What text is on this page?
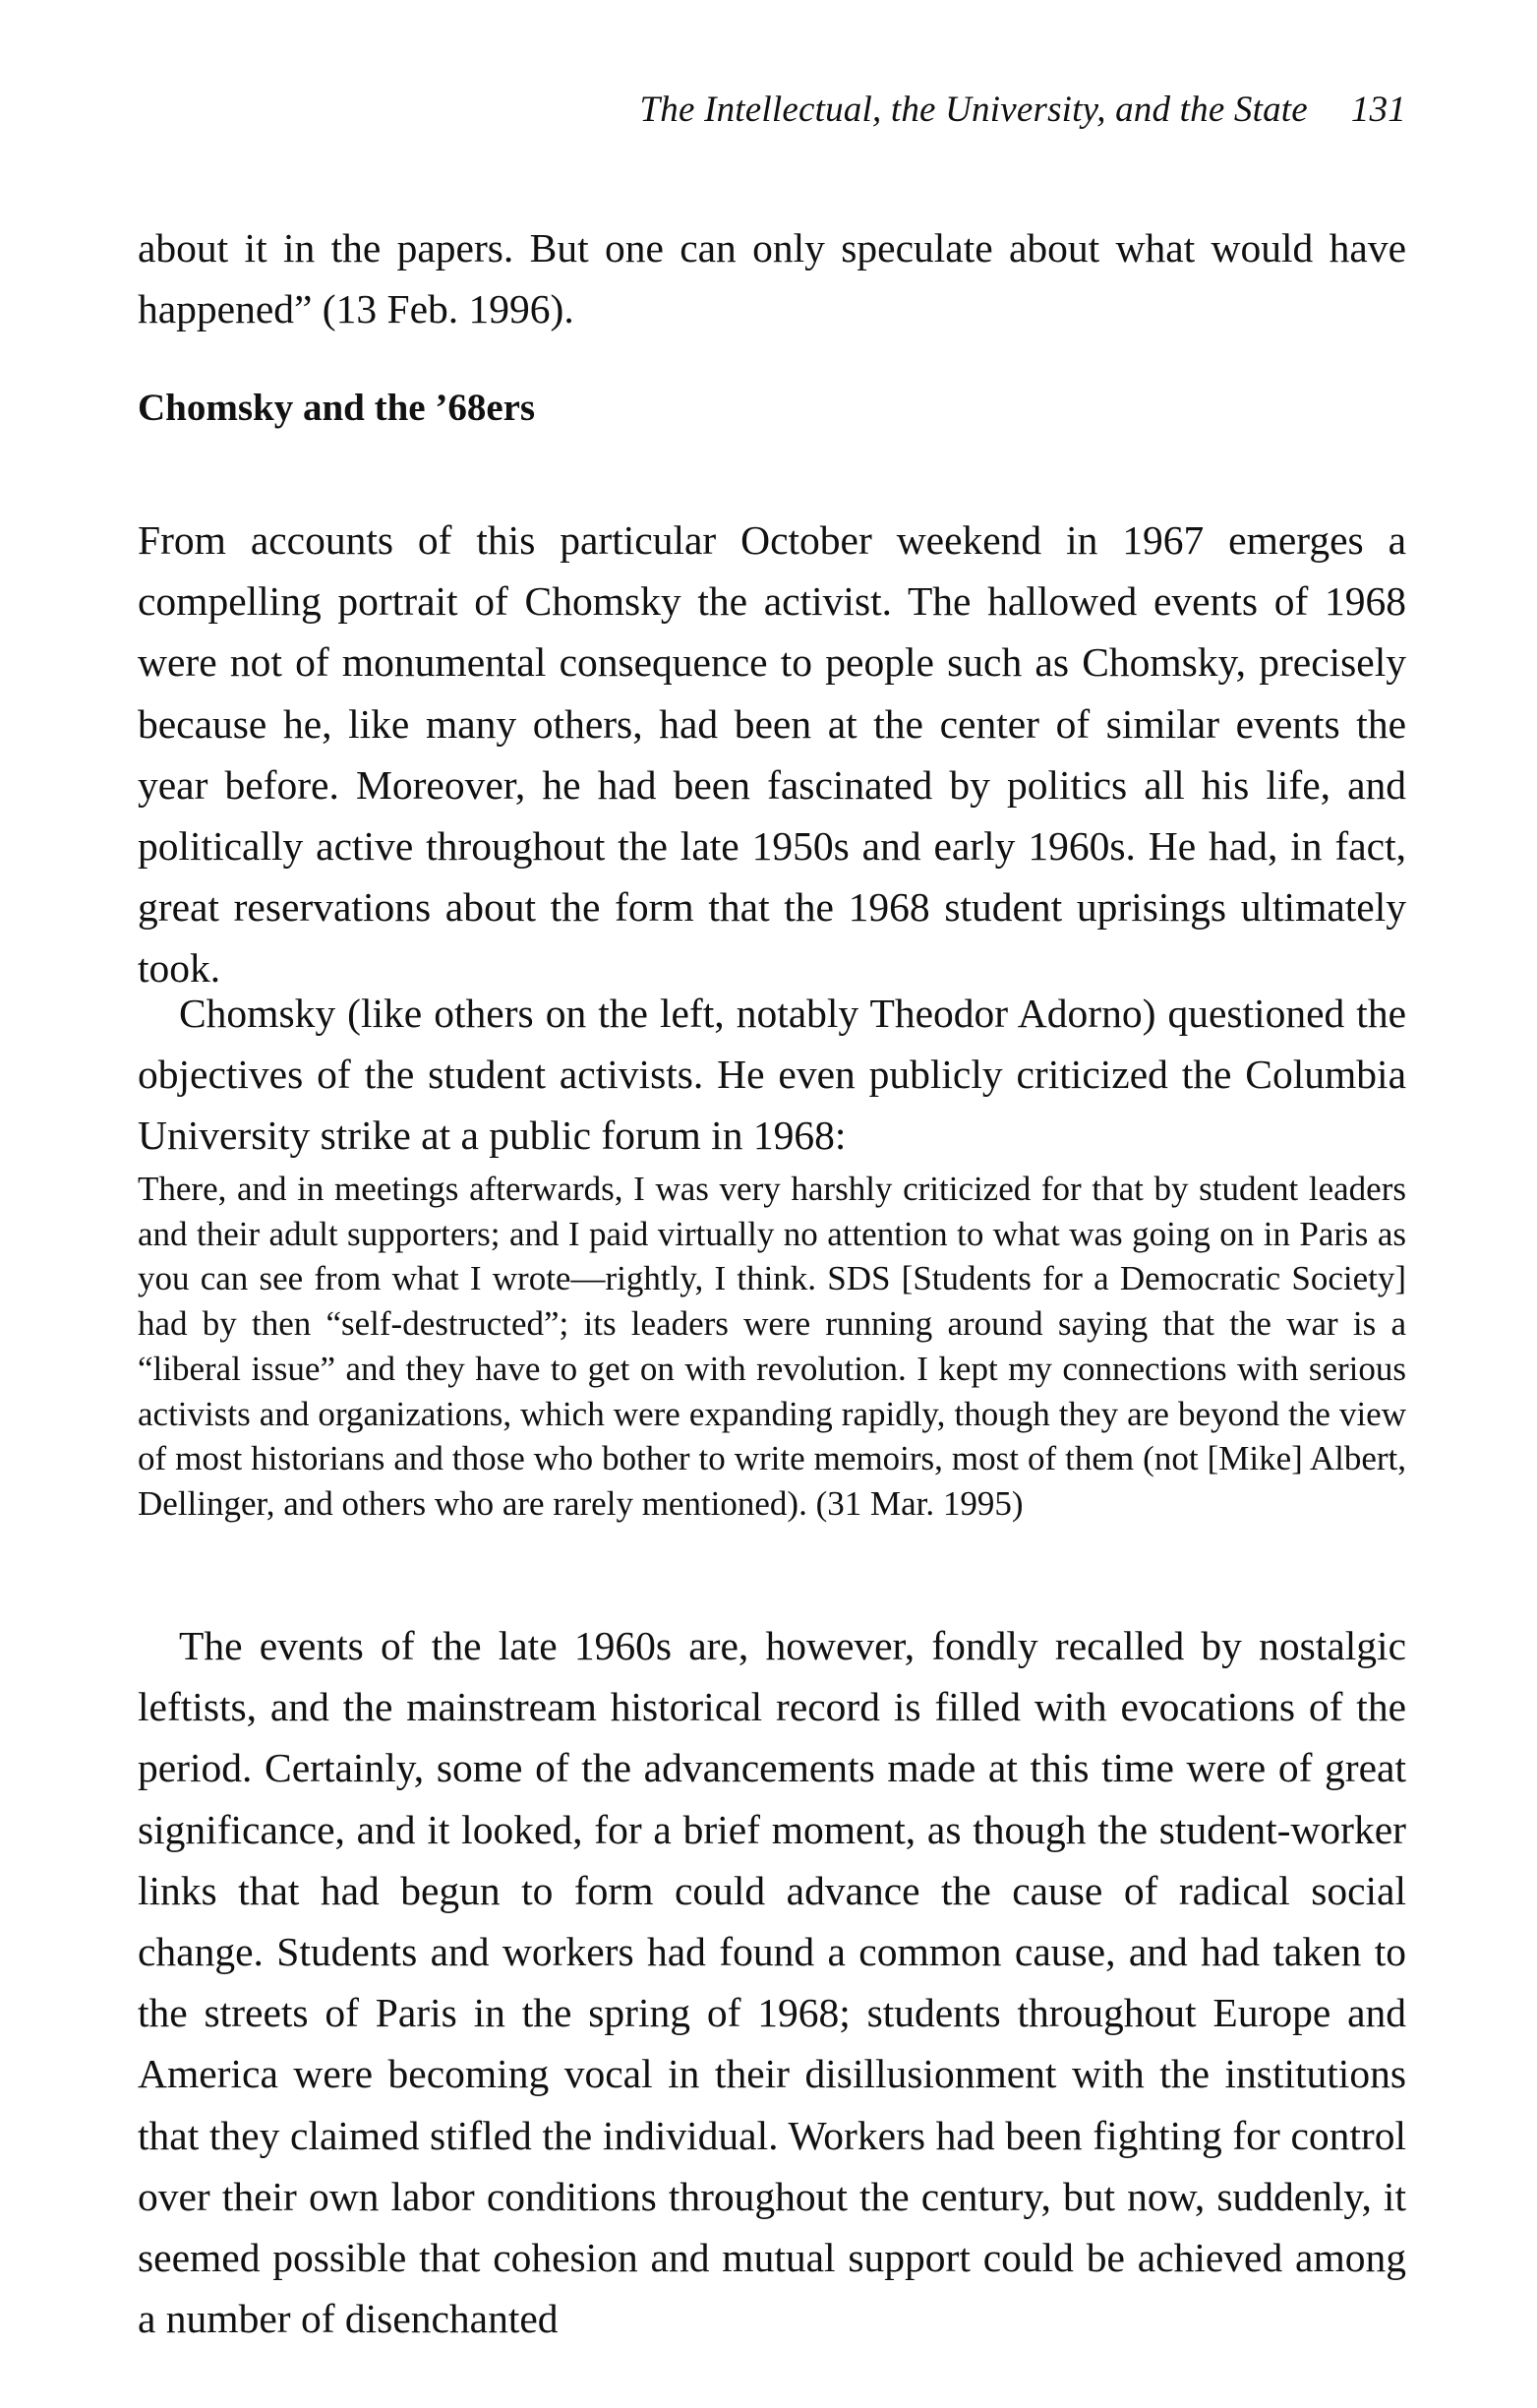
The Intellectual, the University, and the State 131

about it in the papers. But one can only speculate about what would have happened” (13 Feb. 1996).

Chomsky and the ’68ers

From accounts of this particular October weekend in 1967 emerges a compelling portrait of Chomsky the activist. The hallowed events of 1968 were not of monumental consequence to people such as Chomsky, precisely because he, like many others, had been at the center of similar events the year before. Moreover, he had been fascinated by politics all his life, and politically active throughout the late 1950s and early 1960s. He had, in fact, great reservations about the form that the 1968 student uprisings ultimately took.

Chomsky (like others on the left, notably Theodor Adorno) questioned the objectives of the student activists. He even publicly criticized the Columbia University strike at a public forum in 1968:

There, and in meetings afterwards, I was very harshly criticized for that by student leaders and their adult supporters; and I paid virtually no attention to what was going on in Paris as you can see from what I wrote—rightly, I think. SDS [Students for a Democratic Society] had by then “self-destructed”; its leaders were running around saying that the war is a “liberal issue” and they have to get on with revolution. I kept my connections with serious activists and organizations, which were expanding rapidly, though they are beyond the view of most historians and those who bother to write memoirs, most of them (not [Mike] Albert, Dellinger, and others who are rarely mentioned). (31 Mar. 1995)

The events of the late 1960s are, however, fondly recalled by nostalgic leftists, and the mainstream historical record is filled with evocations of the period. Certainly, some of the advancements made at this time were of great significance, and it looked, for a brief moment, as though the student-worker links that had begun to form could advance the cause of radical social change. Students and workers had found a common cause, and had taken to the streets of Paris in the spring of 1968; students throughout Europe and America were becoming vocal in their disillusionment with the institutions that they claimed stifled the individual. Workers had been fighting for control over their own labor conditions throughout the century, but now, suddenly, it seemed possible that cohesion and mutual support could be achieved among a number of disenchanted
